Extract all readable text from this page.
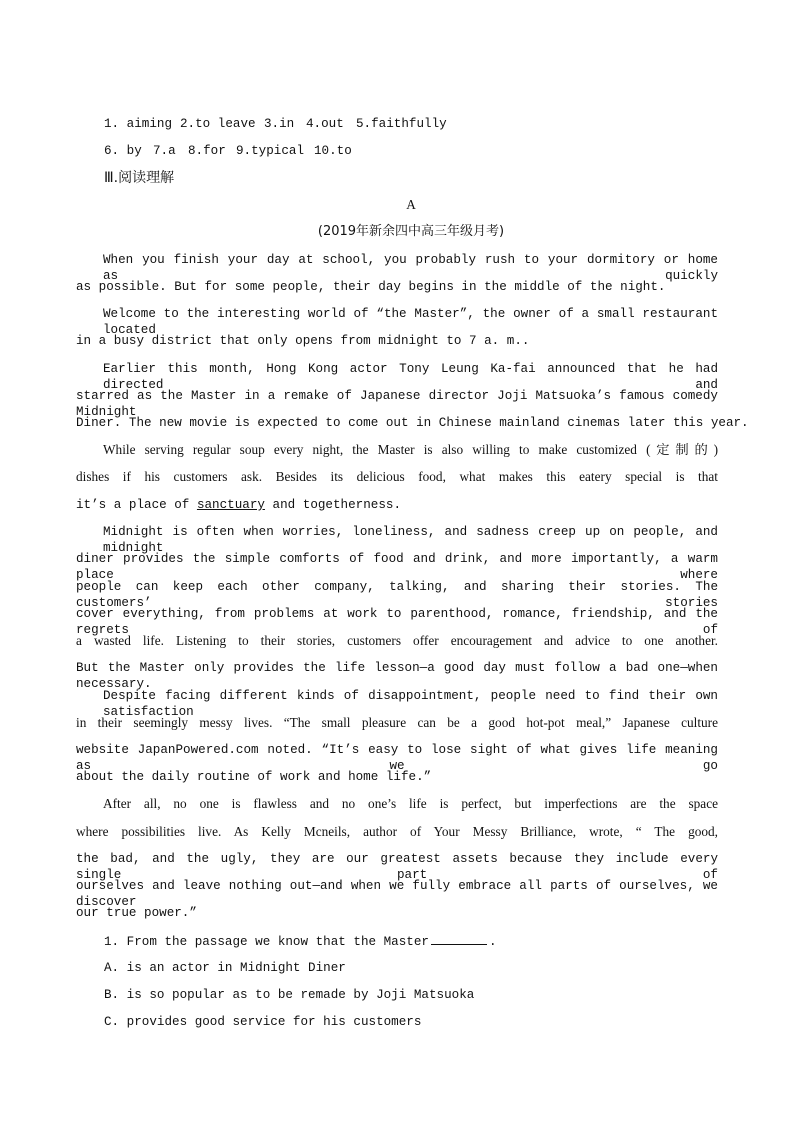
1. aiming 2.to leave 3.in 4.out 5.faithfully
6. by 7.a 8.for 9.typical 10.to
Ⅲ.阅读理解
A
(2019年新余四中高三年级月考)
When you finish your day at school, you probably rush to your dormitory or home as quickly
as possible. But for some people, their day begins in the middle of the night.
Welcome to the interesting world of “the Master”, the owner of a small restaurant located
in a busy district that only opens from midnight to 7 a. m..
Earlier this month, Hong Kong actor Tony Leung Ka-fai announced that he had directed and
starred as the Master in a remake of Japanese director Joji Matsuoka’s famous comedy Midnight
Diner. The new movie is expected to come out in Chinese mainland cinemas later this year.
While serving regular soup every night, the Master is also willing to make customized (定制的)
dishes if his customers ask. Besides its delicious food, what makes this eatery special is that
it’s a place of sanctuary and togetherness.
Midnight is often when worries, loneliness, and sadness creep up on people, and midnight
diner provides the simple comforts of food and drink, and more importantly, a warm place where
people can keep each other company, talking, and sharing their stories. The customers’ stories
cover everything, from problems at work to parenthood, romance, friendship, and the regrets of
a wasted life. Listening to their stories, customers offer encouragement and advice to one another.
But the Master only provides the life lesson—a good day must follow a bad one—when necessary.
Despite facing different kinds of disappointment, people need to find their own satisfaction
in their seemingly messy lives. “The small pleasure can be a good hot-pot meal,” Japanese culture
website JapanPowered.com noted. “It’s easy to lose sight of what gives life meaning as we go
about the daily routine of work and home life.”
After all, no one is flawless and no one’s life is perfect, but imperfections are the space
where possibilities live. As Kelly Mcneils, author of Your Messy Brilliance, wrote, “ The good,
the bad, and the ugly, they are our greatest assets because they include every single part of
ourselves and leave nothing out—and when we fully embrace all parts of ourselves, we discover
our true power.”
1. From the passage we know that the Master	.
A. is an actor in Midnight Diner
B. is so popular as to be remade by Joji Matsuoka
C. provides good service for his customers
